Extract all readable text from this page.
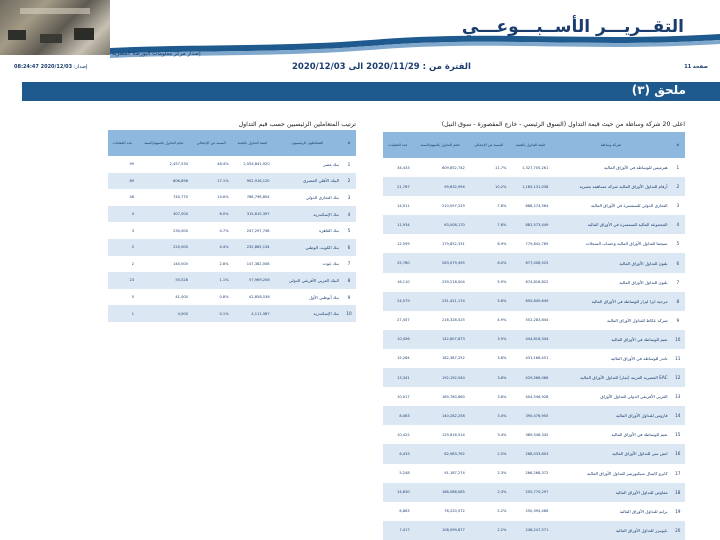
التقــريـــر الأســبـــوعـــي
إصدار مركز معلومات البورصة المصرية
صفحة 11
الفترة من : 2020/11/29 الى 2020/12/03
إصدار: 2020/12/03 08:24:47
ملحق (٣)
ترتيب المتعاملين الرئيسيين حسب قيم التداول
عدد العمليات	حجم التداول بالسهم/السند	النسبة من الإجمالي	قيمة التداول بالجنية	المتعاملون الرئيسيون	#
99	2,457,534	48.4%	2,554,841,920	بنك مصر	1
89	806,898	17.1%	902,916,120	البنك الأهلي المصري	2
48	740,770	14.6%	768,796,804	بنك التجاري الدولي	3
4	307,000	6.0%	315,610,397	بنك الإسكندرية	4
3	230,000	4.7%	247,297,748	بنك القاهرة	5
2	220,000	4.4%	232,865,134	بنك الكويت الوطني	6
2	140,000	2.8%	147,382,008	بنك عوده	7
23	55,528	1.1%	57,969,206	البنك العربي الأفريقي الدولي	8
5	41,000	0.8%	42,858,536	بنك أبوظبي الأول	9
1	4,000	0.1%	4,111,987	بنك الإسكندرية	10
اعلى 20 شركة وساطة من حيث قيمة التداول (السوق الرئيسي - خارج المقصورة - سوق النيل)
عدد العمليات	حجم التداول بالسهم/السند	النسبة من الإجمالي	قيمة التداول بالجنية	شركة وساطة	#
34,433	609,852,742	11.7%	1,327,705,261	هيرميس للوساطة في الأوراق المالية	1
21,767	99,632,994	10.2%	1,165,131,038	أرقام للتداول الأوراق المالية شركة مساهمة مصرية	2
14,911	210,097,229	7.8%	888,274,564	التجاري الدولي للسمسرة في الأوراق المالية	3
11,934	63,008,170	7.8%	882,573,449	المجموعة المالية للسمسرة في الأوراق المالية	4
12,599	179,852,331	6.9%	779,842,789	سيجما للتداول الأوراق المالية وحساب السجلات	5
25,780	263,079,495	6.0%	677,008,525	بلتون للتداول الأوراق المالية	6
16,110	239,218,004	5.9%	674,818,822	بلتون للتداول الأوراق المالية	7
24,579	231,421,174	5.8%	655,849,649	مرجية ايزا ليزار للوساطة في الأوراق المالية	8
27,457	216,328,525	4.9%	552,283,844	شركة عكاظ للتداول الأوراق المالية	9
10,456	142,807,873	3.9%	444,816,344	نعيم للوساطة في الأوراق المالية	10
15,264	182,387,252	3.8%	431,168,451	ثاندر للوساطة في الأوراق المالية	11
13,341	192,192,540	3.8%	429,566,066	EAC المصرية العربية (ثمار) للتداول الأوراق المالية	12
10,017	169,780,860	3.6%	404,546,928	العربي الأفريقي الدولي للتداول الأوراق	13
8,463	140,282,258	3.4%	390,476,955	فاروس للتداول الأوراق المالية	14
10,422	129,816,514	3.4%	389,548,342	نعيم للوساطة في الأوراق المالية	15
6,433	62,983,762	2.5%	288,033,803	اتش سي للتداول الأوراق المالية	16
5,248	91,187,274	2.3%	266,268,372	كايرو كابيتال سيكيوريتيز للتداول الأوراق المالية	17
14,830	186,086,085	2.3%	255,770,297	مفاوض للتداول الأوراق المالية	18
6,863	78,220,572	2.2%	250,394,486	برايم للتداول الأوراق المالية	19
7,417	108,099,877	2.2%	248,247,571	بايونيرز للتداول الأوراق المالية	20
